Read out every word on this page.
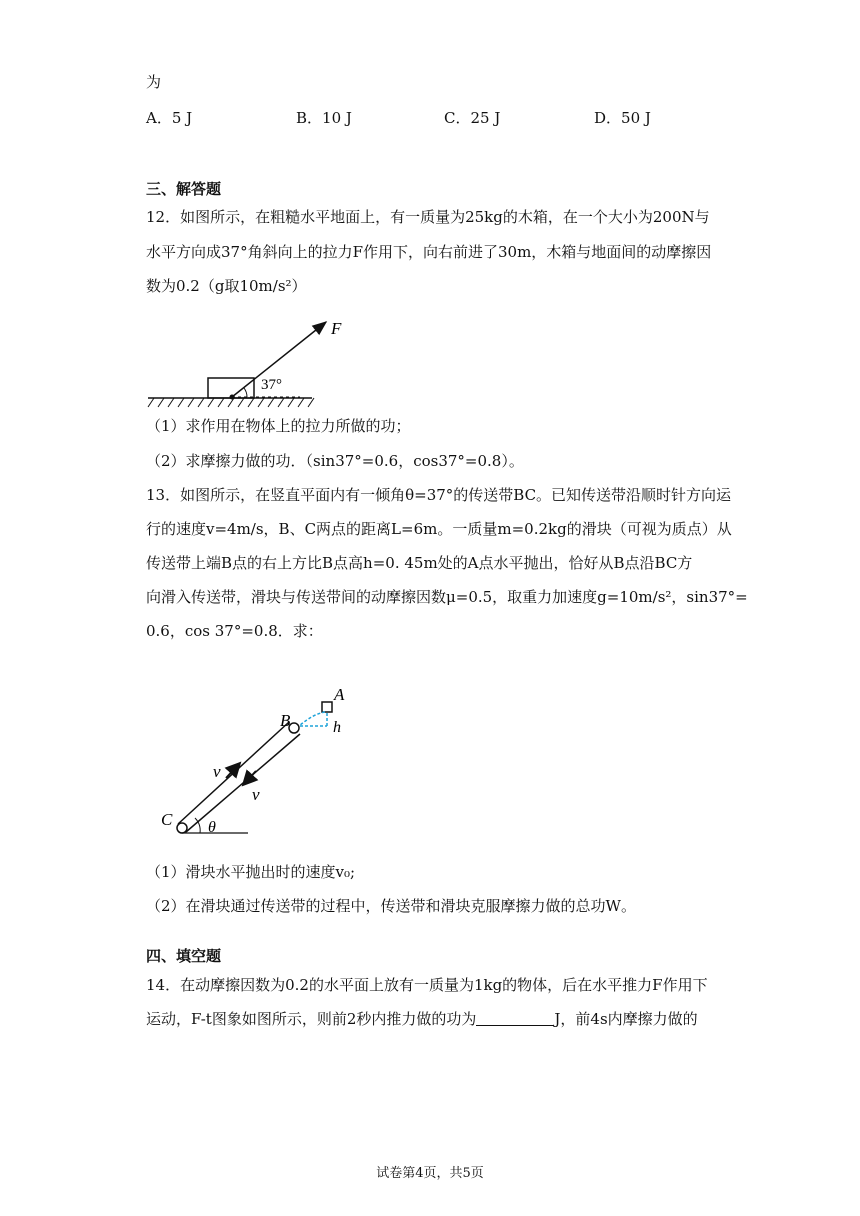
为
A．5 J	B．10 J	C．25 J	D．50 J
三、解答题
12．如图所示，在粗糙水平地面上，有一质量为25kg的木箱，在一个大小为200N与
水平方向成37°角斜向上的拉力F作用下，向右前进了30m，木箱与地面间的动摩擦因
数为0.2（g取10m/s²）
F
37°
（1）求作用在物体上的拉力所做的功；
（2）求摩擦力做的功．（sin37°=0.6，cos37°=0.8）。
13．如图所示，在竖直平面内有一倾角θ=37°的传送带BC。已知传送带沿顺时针方向运
行的速度v=4m/s，B、C两点的距离L=6m。一质量m=0.2kg的滑块（可视为质点）从
传送带上端B点的右上方比B点高h=0. 45m处的A点水平抛出，恰好从B点沿BC方
向滑入传送带，滑块与传送带间的动摩擦因数μ=0.5，取重力加速度g=10m/s²，sin37°=
0.6，cos 37°=0.8．求：
A
B
C
h
v
v
θ
（1）滑块水平抛出时的速度v₀;
（2）在滑块通过传送带的过程中，传送带和滑块克服摩擦力做的总功W。
四、填空题
14．在动摩擦因数为0.2的水平面上放有一质量为1kg的物体，后在水平推力F作用下
运动，F-t图象如图所示，则前2秒内推力做的功为	J，前4s内摩擦力做的
试卷第4页，共5页
